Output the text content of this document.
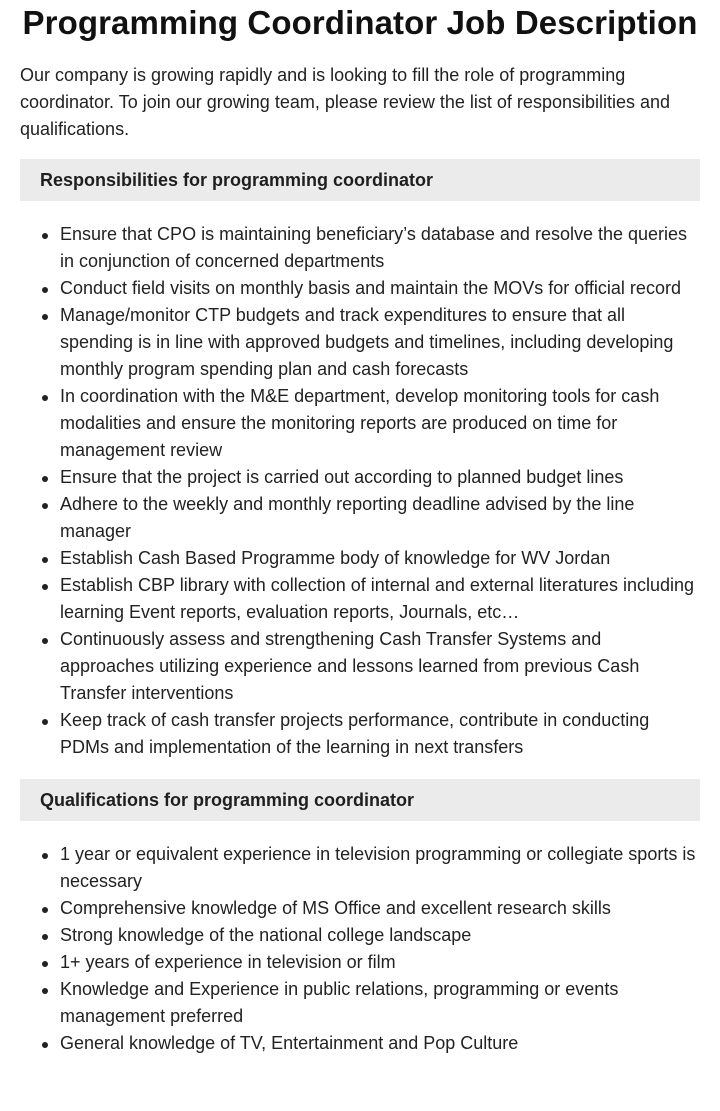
Programming Coordinator Job Description

Our company is growing rapidly and is looking to fill the role of programming coordinator. To join our growing team, please review the list of responsibilities and qualifications.

Responsibilities for programming coordinator
Ensure that CPO is maintaining beneficiary’s database and resolve the queries in conjunction of concerned departments
Conduct field visits on monthly basis and maintain the MOVs for official record
Manage/monitor CTP budgets and track expenditures to ensure that all spending is in line with approved budgets and timelines, including developing monthly program spending plan and cash forecasts
In coordination with the M&E department, develop monitoring tools for cash modalities and ensure the monitoring reports are produced on time for management review
Ensure that the project is carried out according to planned budget lines
Adhere to the weekly and monthly reporting deadline advised by the line manager
Establish Cash Based Programme body of knowledge for WV Jordan
Establish CBP library with collection of internal and external literatures including learning Event reports, evaluation reports, Journals, etc…
Continuously assess and strengthening Cash Transfer Systems and approaches utilizing experience and lessons learned from previous Cash Transfer interventions
Keep track of cash transfer projects performance, contribute in conducting PDMs and implementation of the learning in next transfers
Qualifications for programming coordinator
1 year or equivalent experience in television programming or collegiate sports is necessary
Comprehensive knowledge of MS Office and excellent research skills
Strong knowledge of the national college landscape
1+ years of experience in television or film
Knowledge and Experience in public relations, programming or events management preferred
General knowledge of TV, Entertainment and Pop Culture
